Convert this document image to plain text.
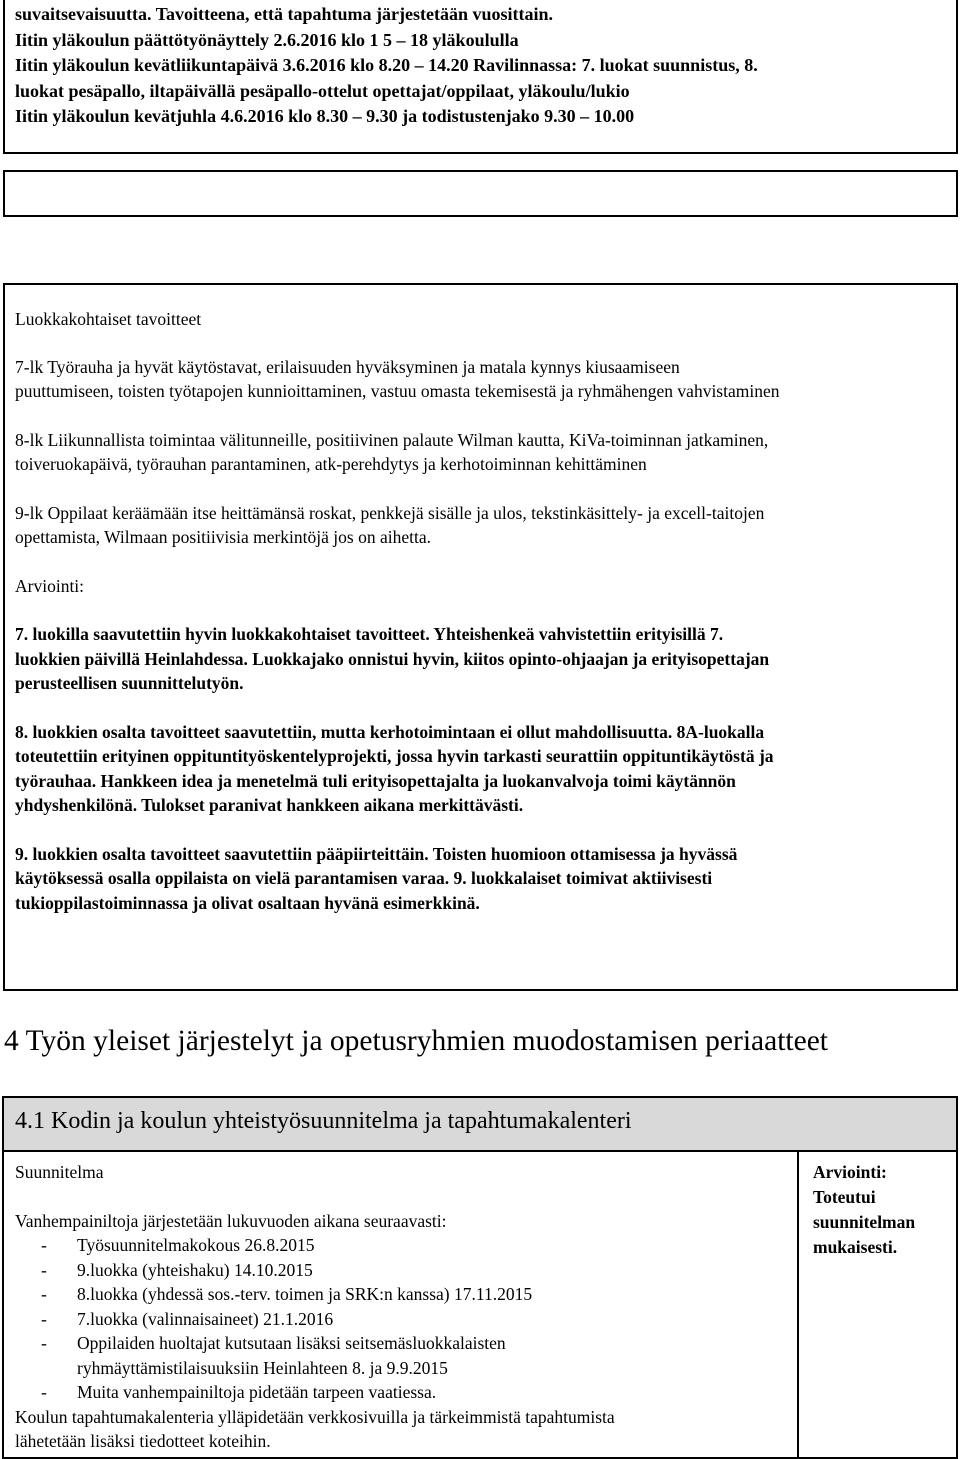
suvaitsevaisuutta. Tavoitteena, että tapahtuma järjestetään vuosittain.
Iitin yläkoulun päättötyönäyttely 2.6.2016 klo 1 5 – 18 yläkoululla
Iitin yläkoulun kevätliikuntapäivä 3.6.2016 klo 8.20 – 14.20 Ravilinnassa: 7. luokat suunnistus, 8.
luokat pesäpallo, iltapäivällä pesäpallo-ottelut opettajat/oppilaat, yläkoulu/lukio
Iitin yläkoulun kevätjuhla 4.6.2016 klo 8.30 – 9.30 ja todistustenjako 9.30 – 10.00
Luokkakohtaiset tavoitteet
7-lk Työrauha ja hyvät käytöstavat, erilaisuuden hyväksyminen ja matala kynnys kiusaamiseen
puuttumiseen, toisten työtapojen kunnioittaminen, vastuu omasta tekemisestä ja ryhmähengen vahvistaminen
8-lk Liikunnallista toimintaa välitunneille, positiivinen palaute Wilman kautta, KiVa-toiminnan jatkaminen,
toiveruokapäivä, työrauhan parantaminen, atk-perehdytys ja kerhotoiminnan kehittäminen
9-lk Oppilaat keräämään itse heittämänsä roskat, penkkejä sisälle ja ulos, tekstinkäsittely- ja excell-taitojen
opettamista, Wilmaan positiivisia merkintöjä jos on aihetta.
Arviointi:
7. luokilla saavutettiin hyvin luokkakohtaiset tavoitteet. Yhteishenkeä vahvistettiin erityisillä 7.
luokkien päivillä Heinlahdessa. Luokkajako onnistui hyvin, kiitos opinto-ohjaajan ja erityisopettajan
perusteellisen suunnittelutyön.
8. luokkien osalta tavoitteet saavutettiin, mutta kerhotoimintaan ei ollut mahdollisuutta. 8A-luokalla
toteutettiin erityinen oppituntityöskentelyprojekti, jossa hyvin tarkasti seurattiin oppituntikäytöstä ja
työrauhaa. Hankkeen idea ja menetelmä tuli erityisopettajalta ja luokanvalvoja toimi käytännön
yhdyshenkilönä. Tulokset paranivat hankkeen aikana merkittävästi.
9. luokkien osalta tavoitteet saavutettiin pääpiirteittäin. Toisten huomioon ottamisessa ja hyvässä
käytöksessä osalla oppilaista on vielä parantamisen varaa. 9. luokkalaiset toimivat aktiivisesti
tukioppilastoiminnassa ja olivat osaltaan hyvänä esimerkkinä.
4 Työn yleiset järjestelyt ja opetusryhmien muodostamisen periaatteet
4.1 Kodin ja koulun yhteistyösuunnitelma ja tapahtumakalenteri
Suunnitelma
Vanhempainiltoja järjestetään lukuvuoden aikana seuraavasti:
-	Työsuunnitelmakokous 26.8.2015
-	9.luokka (yhteishaku) 14.10.2015
-	8.luokka (yhdessä sos.-terv. toimen ja SRK:n kanssa) 17.11.2015
-	7.luokka (valinnaisaineet) 21.1.2016
-	Oppilaiden huoltajat kutsutaan lisäksi seitsemäsluokkalaisten
ryhmäyttämistilaisuuksiin Heinlahteen 8. ja 9.9.2015
-	Muita vanhempainiltoja pidetään tarpeen vaatiessa.
Koulun tapahtumakalenteria ylläpidetään verkkosivuilla ja tärkeimmistä tapahtumista
lähetetään lisäksi tiedotteet koteihin.
Arviointi:
Toteutui
suunnitelman
mukaisesti.
